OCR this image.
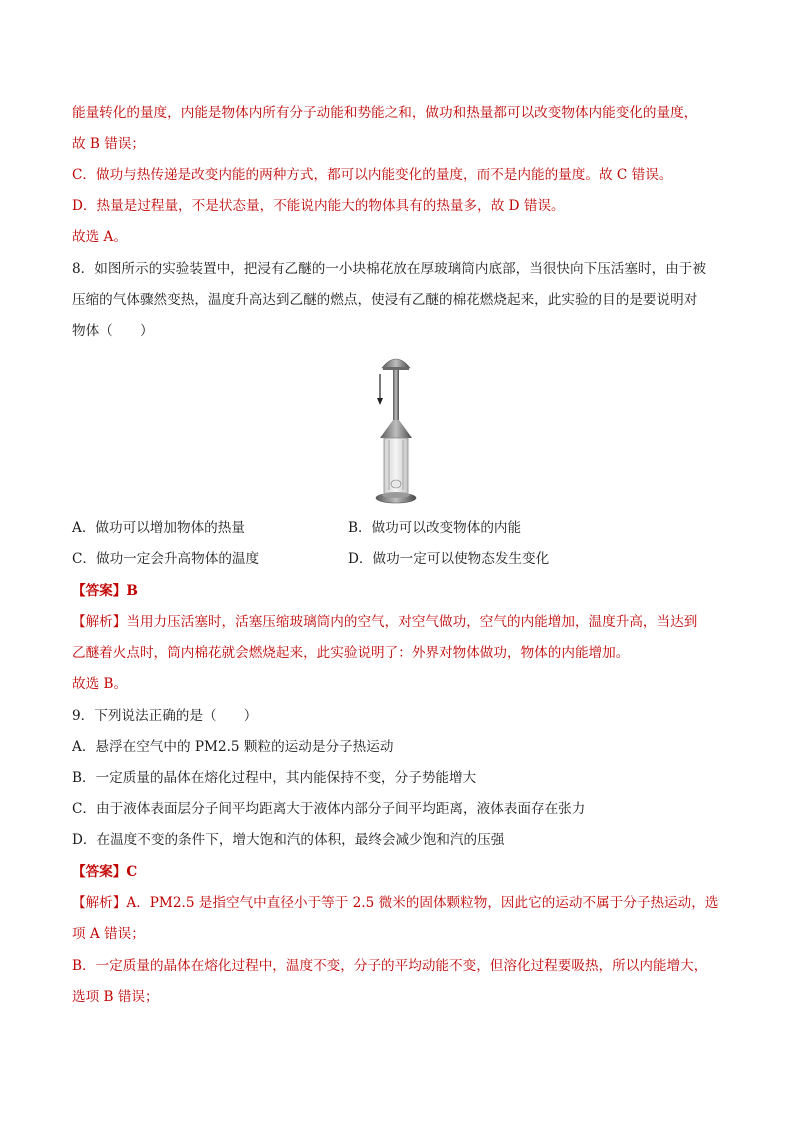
能量转化的量度，内能是物体内所有分子动能和势能之和，做功和热量都可以改变物体内能变化的量度，
故 B 错误；
C．做功与热传递是改变内能的两种方式，都可以内能变化的量度，而不是内能的量度。故 C 错误。
D．热量是过程量，不是状态量，不能说内能大的物体具有的热量多，故 D 错误。
故选 A。
8．如图所示的实验装置中，把浸有乙醚的一小块棉花放在厚玻璃筒内底部，当很快向下压活塞时，由于被
压缩的气体骤然变热，温度升高达到乙醚的燃点，使浸有乙醚的棉花燃烧起来，此实验的目的是要说明对
物体（　　）
A．做功可以增加物体的热量	B．做功可以改变物体的内能
C．做功一定会升高物体的温度	D．做功一定可以使物态发生变化
【答案】B
【解析】当用力压活塞时，活塞压缩玻璃筒内的空气，对空气做功，空气的内能增加，温度升高，当达到
乙醚着火点时，筒内棉花就会燃烧起来，此实验说明了：外界对物体做功，物体的内能增加。
故选 B。
9．下列说法正确的是（　　）
A．悬浮在空气中的 PM2.5 颗粒的运动是分子热运动
B．一定质量的晶体在熔化过程中，其内能保持不变，分子势能增大
C．由于液体表面层分子间平均距离大于液体内部分子间平均距离，液体表面存在张力
D．在温度不变的条件下，增大饱和汽的体积，最终会减少饱和汽的压强
【答案】C
【解析】A．PM2.5 是指空气中直径小于等于 2.5 微米的固体颗粒物，因此它的运动不属于分子热运动，选
项 A 错误；
B．一定质量的晶体在熔化过程中，温度不变，分子的平均动能不变，但溶化过程要吸热，所以内能增大，
选项 B 错误；
